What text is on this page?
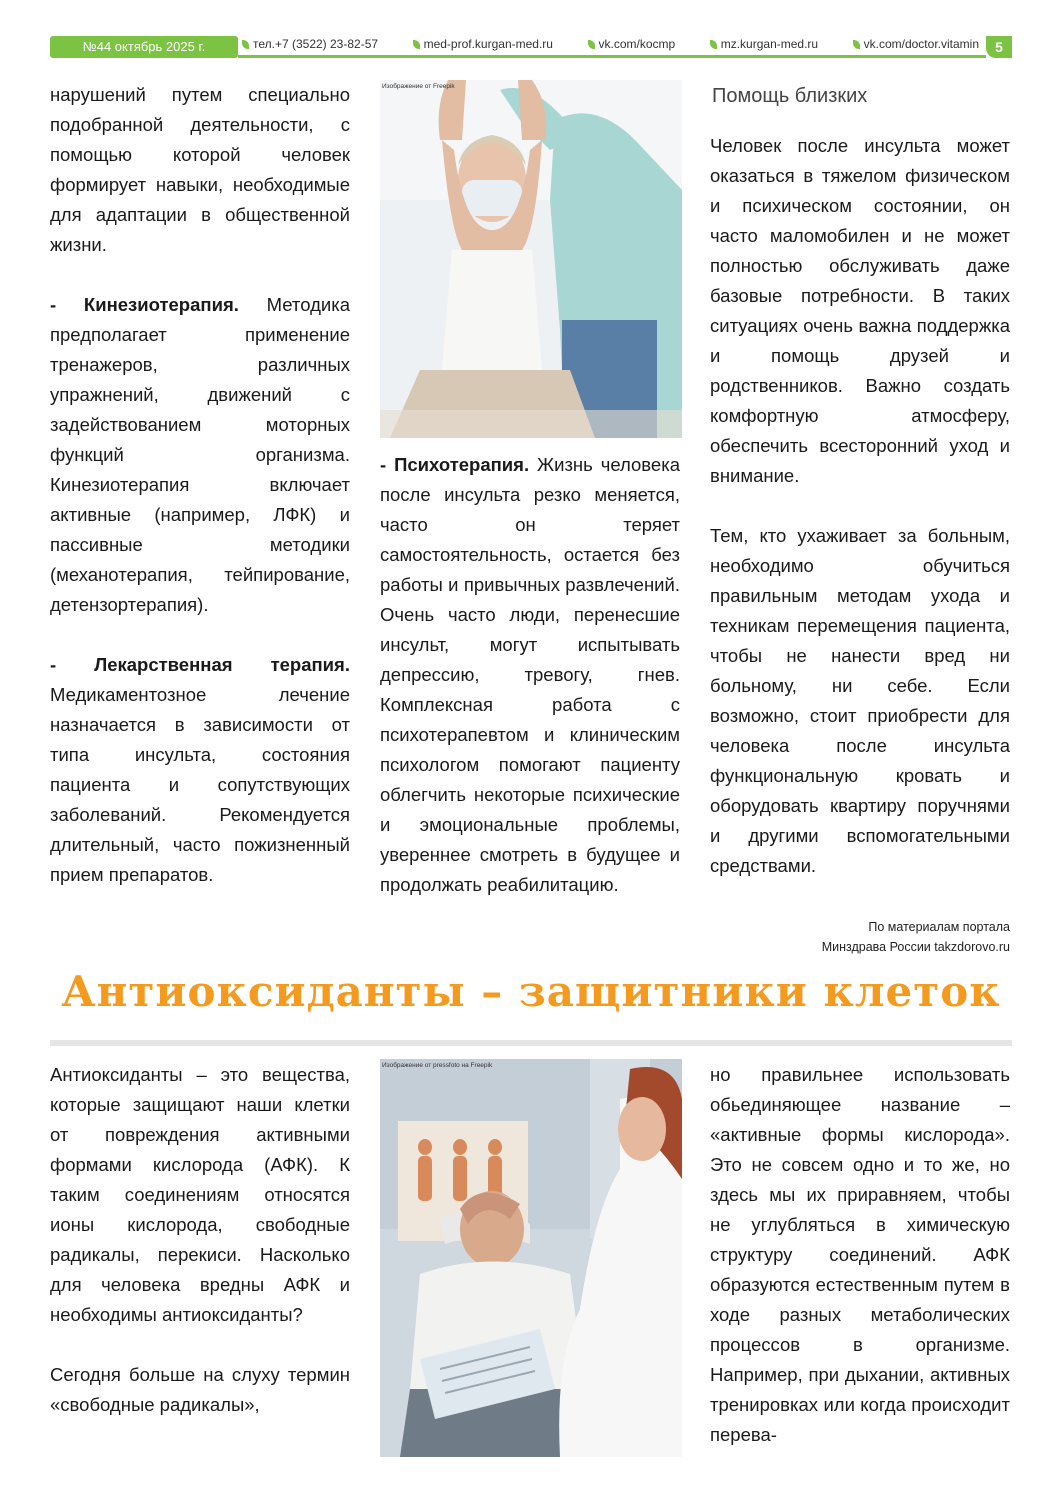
№44 октябрь 2025 г.	тел.+7 (3522) 23-82-57	med-prof.kurgan-med.ru	vk.com/kocmp	mz.kurgan-med.ru	vk.com/doctor.vitamin	5

нарушений путем специально подобранной деятельности, с помощью которой человек формирует навыки, необходимые для адаптации в общественной жизни.

- Кинезиотерапия. Методика предполагает применение тренажеров, различных упражнений, движений с задействованием моторных функций организма. Кинезиотерапия включает активные (например, ЛФК) и пассивные методики (механотерапия, тейпирование, детензортерапия).

- Лекарственная терапия. Медикаментозное лечение назначается в зависимости от типа инсульта, состояния пациента и сопутствующих заболеваний. Рекомендуется длительный, часто пожизненный прием препаратов.

Изображение от Freepik

- Психотерапия. Жизнь человека после инсульта резко меняется, часто он теряет самостоятельность, остается без работы и привычных развлечений. Очень часто люди, перенесшие инсульт, могут испытывать депрессию, тревогу, гнев. Комплексная работа с психотерапевтом и клиническим психологом помогают пациенту облегчить некоторые психические и эмоциональные проблемы, увереннее смотреть в будущее и продолжать реабилитацию.

Помощь близких

Человек после инсульта может оказаться в тяжелом физическом и психическом состоянии, он часто маломобилен и не может полностью обслуживать даже базовые потребности. В таких ситуациях очень важна поддержка и помощь друзей и родственников. Важно создать комфортную атмосферу, обеспечить всесторонний уход и внимание.

Тем, кто ухаживает за больным, необходимо обучиться правильным методам ухода и техникам перемещения пациента, чтобы не нанести вред ни больному, ни себе. Если возможно, стоит приобрести для человека после инсульта функциональную кровать и оборудовать квартиру поручнями и другими вспомогательными средствами.

По материалам портала
Минздрава России takzdorovo.ru
Антиоксиданты – защитники клеток

Антиоксиданты – это вещества, которые защищают наши клетки от повреждения активными формами кислорода (АФК). К таким соединениям относятся ионы кислорода, свободные радикалы, перекиси. Насколько для человека вредны АФК и необходимы антиоксиданты?

Сегодня больше на слуху термин «свободные радикалы»,

Изображение от pressfoto на Freepik	но правильнее использовать обьединяющее название – «активные формы кислорода». Это не совсем одно и то же, но здесь мы их приравняем, чтобы не углубляться в химическую структуру соединений. АФК образуются естественным путем в ходе разных метаболических процессов в организме. Например, при дыхании, активных тренировках или когда происходит перева-
